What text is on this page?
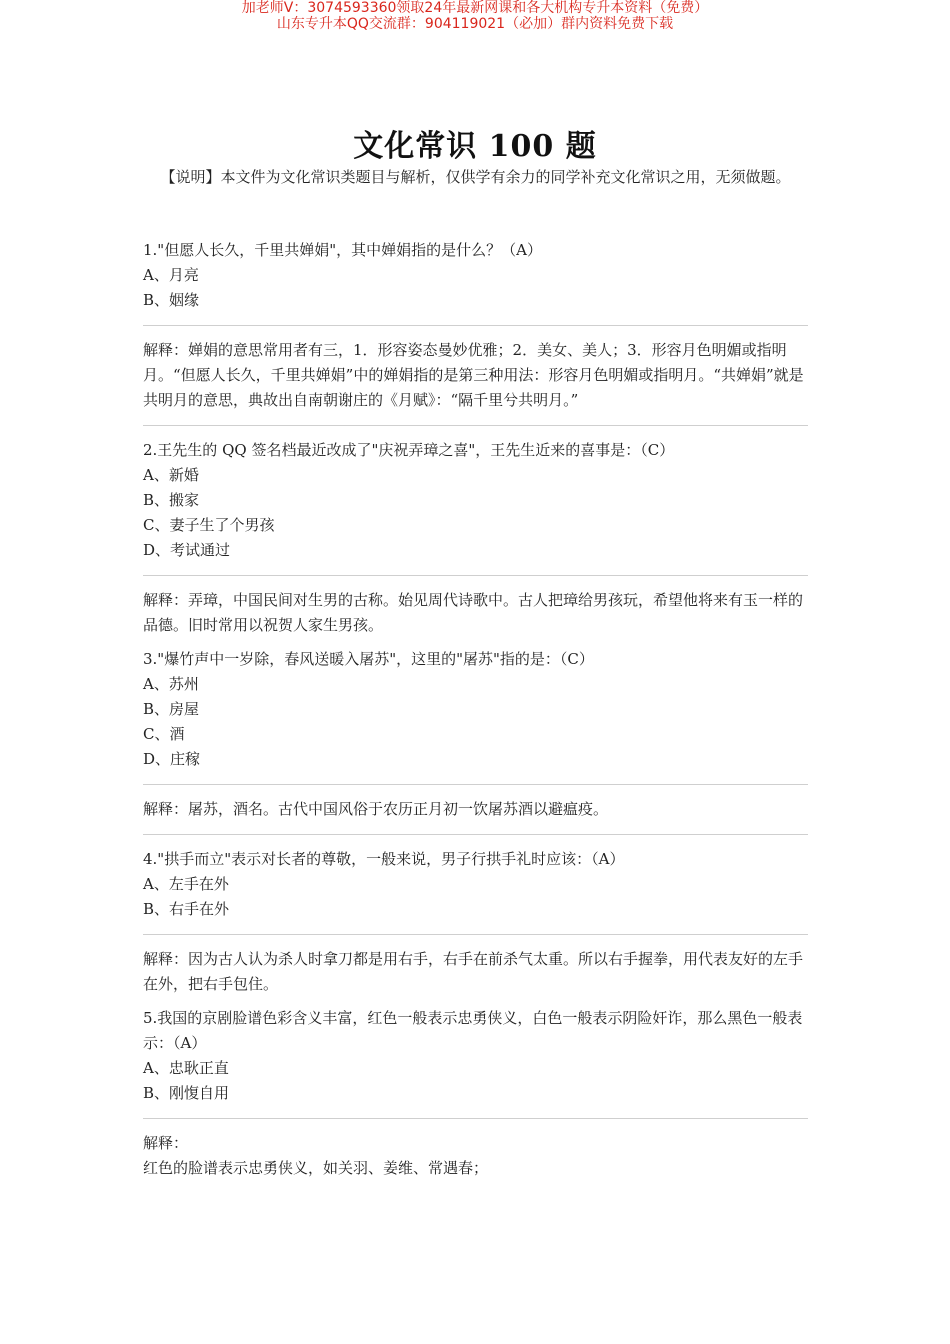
加老师V：3074593360领取24年最新网课和各大机构专升本资料（免费）
山东专升本QQ交流群：904119021（必加）群内资料免费下载
文化常识 100 题
【说明】本文件为文化常识类题目与解析，仅供学有余力的同学补充文化常识之用，无须做题。

1."但愿人长久，千里共婵娟"，其中婵娟指的是什么？（A）

A、月亮

B、姻缘

解释：婵娟的意思常用者有三，1．形容姿态曼妙优雅；2．美女、美人；3．形容月色明媚或指明月。“但愿人长久，千里共婵娟”中的婵娟指的是第三种用法：形容月色明媚或指明月。“共婵娟”就是共明月的意思，典故出自南朝谢庄的《月赋》：“隔千里兮共明月。”

2.王先生的 QQ 签名档最近改成了"庆祝弄璋之喜"，王先生近来的喜事是：（C）

A、新婚

B、搬家

C、妻子生了个男孩

D、考试通过

解释：弄璋，中国民间对生男的古称。始见周代诗歌中。古人把璋给男孩玩，希望他将来有玉一样的品德。旧时常用以祝贺人家生男孩。

3."爆竹声中一岁除，春风送暖入屠苏"，这里的"屠苏"指的是：（C）

A、苏州

B、房屋

C、酒

D、庄稼

解释：屠苏，酒名。古代中国风俗于农历正月初一饮屠苏酒以避瘟疫。

4."拱手而立"表示对长者的尊敬，一般来说，男子行拱手礼时应该：（A）

A、左手在外

B、右手在外

解释：因为古人认为杀人时拿刀都是用右手，右手在前杀气太重。所以右手握拳，用代表友好的左手在外，把右手包住。

5.我国的京剧脸谱色彩含义丰富，红色一般表示忠勇侠义，白色一般表示阴险奸诈，那么黑色一般表示：（A）

A、忠耿正直

B、刚愎自用

解释：

红色的脸谱表示忠勇侠义，如关羽、姜维、常遇春；
